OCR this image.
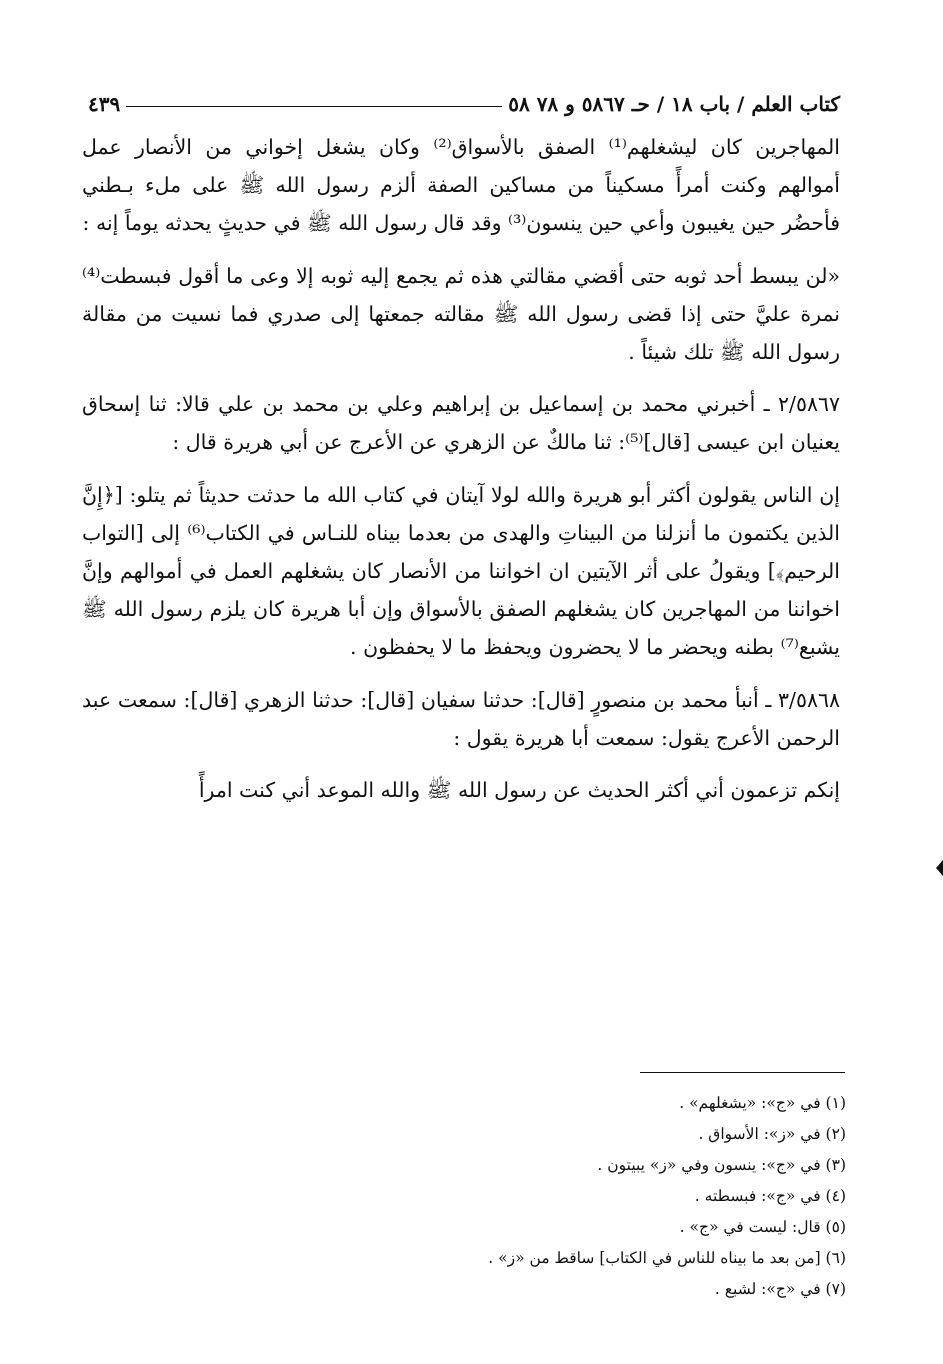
كتاب العلم / باب ١٨ / حـ ٥٨٦٧ و ٧٨ ٥٨
٤٣٩

المهاجرين كان ليشغلهم⁽¹⁾ الصفق بالأسواق⁽²⁾ وكان يشغل إخواني من الأنصار عمل أموالهم وكنت أمرأً مسكيناً من مساكين الصفة ألزم رسول الله ﷺ على ملء بـطني فأحضُر حين يغيبون وأعي حين ينسون⁽³⁾ وقد قال رسول الله ﷺ في حديثٍ يحدثه يوماً إنه :

«لن يبسط أحد ثوبه حتى أقضي مقالتي هذه ثم يجمع إليه ثوبه إلا وعى ما أقول فبسطت⁽⁴⁾ نمرة عليَّ حتى إذا قضى رسول الله ﷺ مقالته جمعتها إلى صدري فما نسيت من مقالة رسول الله ﷺ تلك شيئاً .

٢/٥٨٦٧ ـ أخبرني محمد بن إسماعيل بن إبراهيم وعلي بن محمد بن علي قالا: ثنا إسحاق يعنيان ابن عيسى [قال]⁽⁵⁾: ثنا مالكٌ عن الزهري عن الأعرج عن أبي هريرة قال :

إن الناس يقولون أكثر أبو هريرة والله لولا آيتان في كتاب الله ما حدثت حديثاً ثم يتلو: [﴿إِنَّ الذين يكتمون ما أنزلنا من البيناتِ والهدى من بعدما بيناه للنـاس في الكتاب⁽⁶⁾ إلى [التواب الرحيم﴾] ويقولُ على أثر الآيتين ان اخواننا من الأنصار كان يشغلهم العمل في أموالهم وإنَّ اخواننا من المهاجرين كان يشغلهم الصفق بالأسواق وإن أبا هريرة كان يلزم رسول الله ﷺ يشبع⁽⁷⁾ بطنه ويحضر ما لا يحضرون ويحفظ ما لا يحفظون .

٣/٥٨٦٨ ـ أنبأ محمد بن منصورٍ [قال]: حدثنا سفيان [قال]: حدثنا الزهري [قال]: سمعت عبد الرحمن الأعرج يقول: سمعت أبا هريرة يقول :

إنكم تزعمون أني أكثر الحديث عن رسول الله ﷺ والله الموعد أني كنت امرأً

(١) في «ج»: «يشغلهم» .
(٢) في «ز»: الأسواق .
(٣) في «ج»: ينسون وفي «ز» يبيتون .
(٤) في «ج»: فبسطته .
(٥) قال: ليست في «ج» .
(٦) [من بعد ما بيناه للناس في الكتاب] ساقط من «ز» .
(٧) في «ج»: لشبع .
